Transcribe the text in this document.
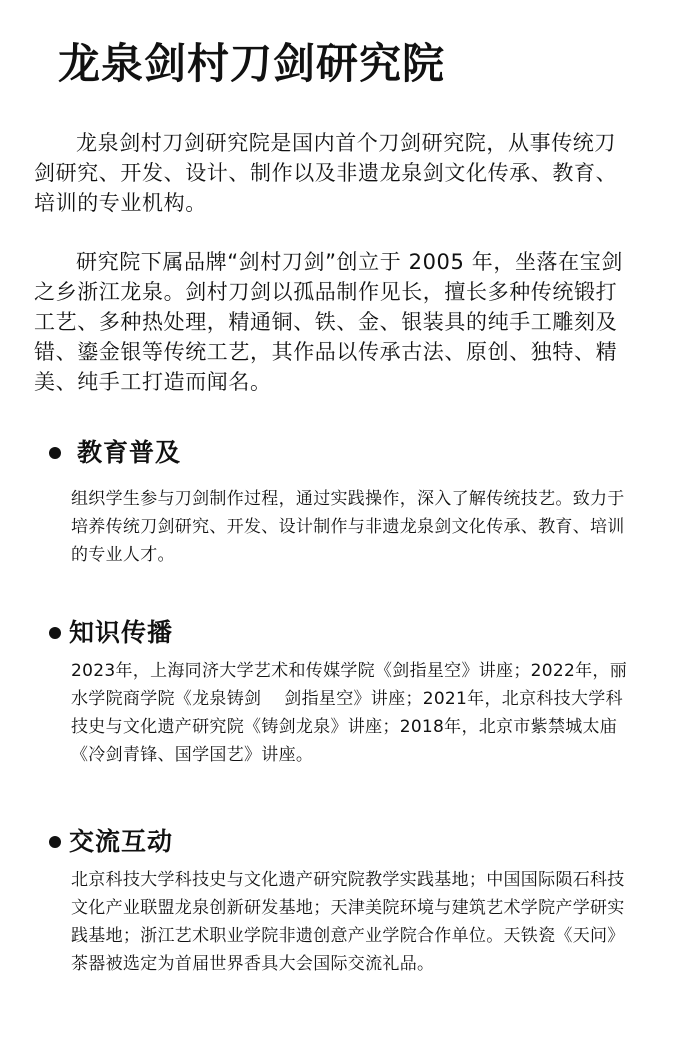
龙泉剑村刀剑研究院

龙泉剑村刀剑研究院是国内首个刀剑研究院，从事传统刀剑研究、开发、设计、制作以及非遗龙泉剑文化传承、教育、培训的专业机构。

研究院下属品牌“剑村刀剑”创立于 2005 年，坐落在宝剑之乡浙江龙泉。剑村刀剑以孤品制作见长，擅长多种传统锻打工艺、多种热处理，精通铜、铁、金、银装具的纯手工雕刻及错、鎏金银等传统工艺，其作品以传承古法、原创、独特、精美、纯手工打造而闻名。

教育普及

组织学生参与刀剑制作过程，通过实践操作，深入了解传统技艺。致力于培养传统刀剑研究、开发、设计制作与非遗龙泉剑文化传承、教育、培训的专业人才。

知识传播

2023年，上海同济大学艺术和传媒学院《剑指星空》讲座；2022年，丽水学院商学院《龙泉铸剑　 剑指星空》讲座；2021年，北京科技大学科技史与文化遗产研究院《铸剑龙泉》讲座；2018年，北京市紫禁城太庙 《冷剑青锋、国学国艺》讲座。

交流互动

北京科技大学科技史与文化遗产研究院教学实践基地；中国国际陨石科技文化产业联盟龙泉创新研发基地；天津美院环境与建筑艺术学院产学研实践基地；浙江艺术职业学院非遗创意产业学院合作单位。天铁瓷《天问》茶器被选定为首届世界香具大会国际交流礼品。
